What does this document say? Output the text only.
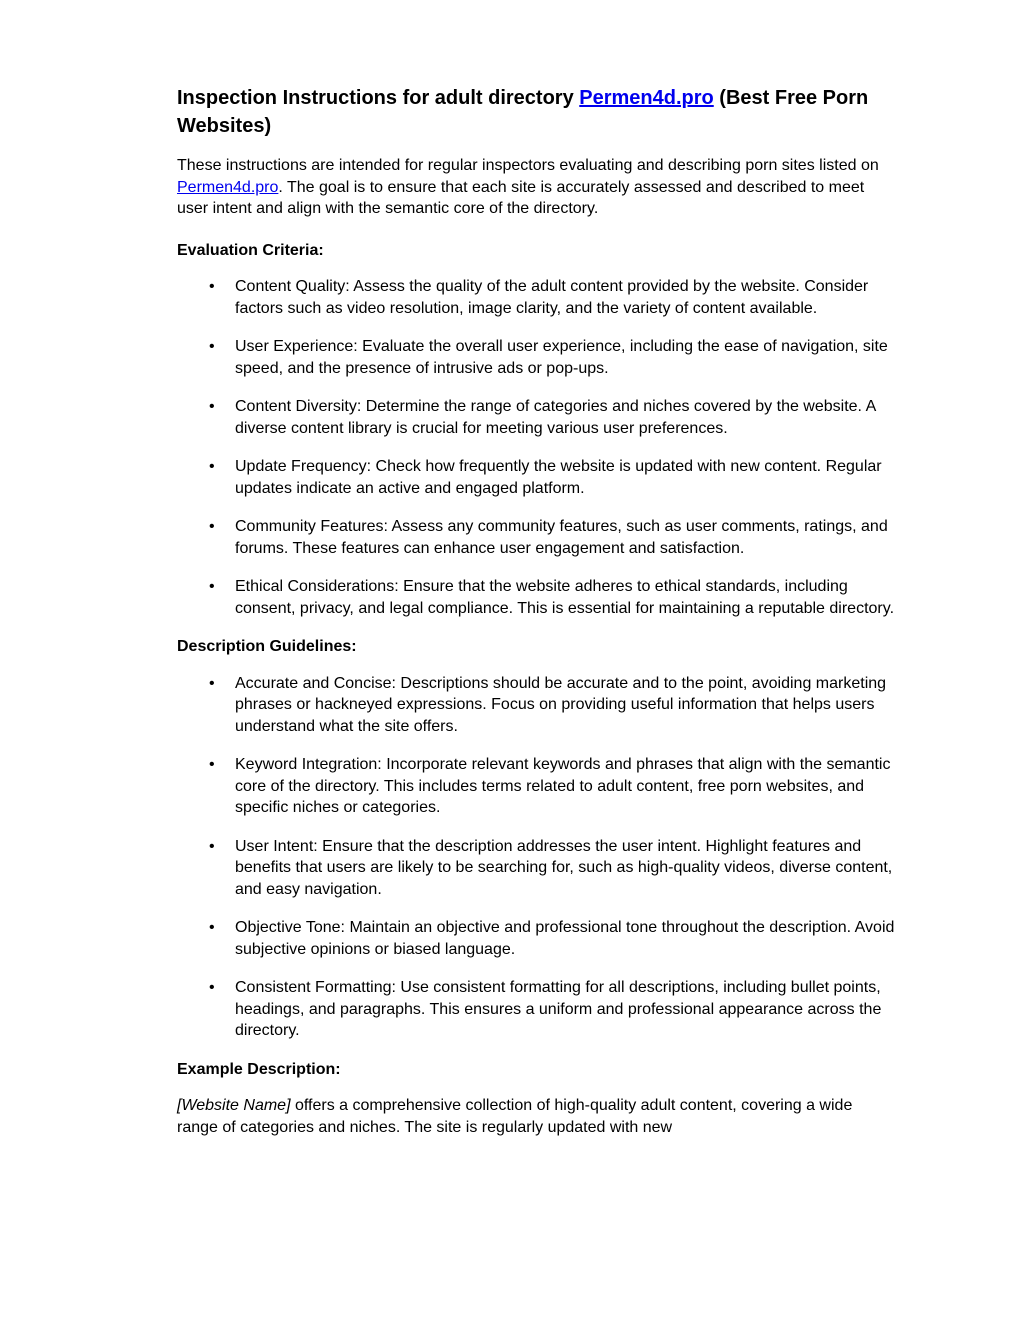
Inspection Instructions for adult directory Permen4d.pro (Best Free Porn Websites)

These instructions are intended for regular inspectors evaluating and describing porn sites listed on Permen4d.pro. The goal is to ensure that each site is accurately assessed and described to meet user intent and align with the semantic core of the directory.

Evaluation Criteria:
• Content Quality: Assess the quality of the adult content provided by the website. Consider factors such as video resolution, image clarity, and the variety of content available.
• User Experience: Evaluate the overall user experience, including the ease of navigation, site speed, and the presence of intrusive ads or pop-ups.
• Content Diversity: Determine the range of categories and niches covered by the website. A diverse content library is crucial for meeting various user preferences.
• Update Frequency: Check how frequently the website is updated with new content. Regular updates indicate an active and engaged platform.
• Community Features: Assess any community features, such as user comments, ratings, and forums. These features can enhance user engagement and satisfaction.
• Ethical Considerations: Ensure that the website adheres to ethical standards, including consent, privacy, and legal compliance. This is essential for maintaining a reputable directory.
Description Guidelines:
• Accurate and Concise: Descriptions should be accurate and to the point, avoiding marketing phrases or hackneyed expressions. Focus on providing useful information that helps users understand what the site offers.
• Keyword Integration: Incorporate relevant keywords and phrases that align with the semantic core of the directory. This includes terms related to adult content, free porn websites, and specific niches or categories.
• User Intent: Ensure that the description addresses the user intent. Highlight features and benefits that users are likely to be searching for, such as high-quality videos, diverse content, and easy navigation.
• Objective Tone: Maintain an objective and professional tone throughout the description. Avoid subjective opinions or biased language.
• Consistent Formatting: Use consistent formatting for all descriptions, including bullet points, headings, and paragraphs. This ensures a uniform and professional appearance across the directory.
Example Description:

[Website Name] offers a comprehensive collection of high-quality adult content, covering a wide range of categories and niches. The site is regularly updated with new
